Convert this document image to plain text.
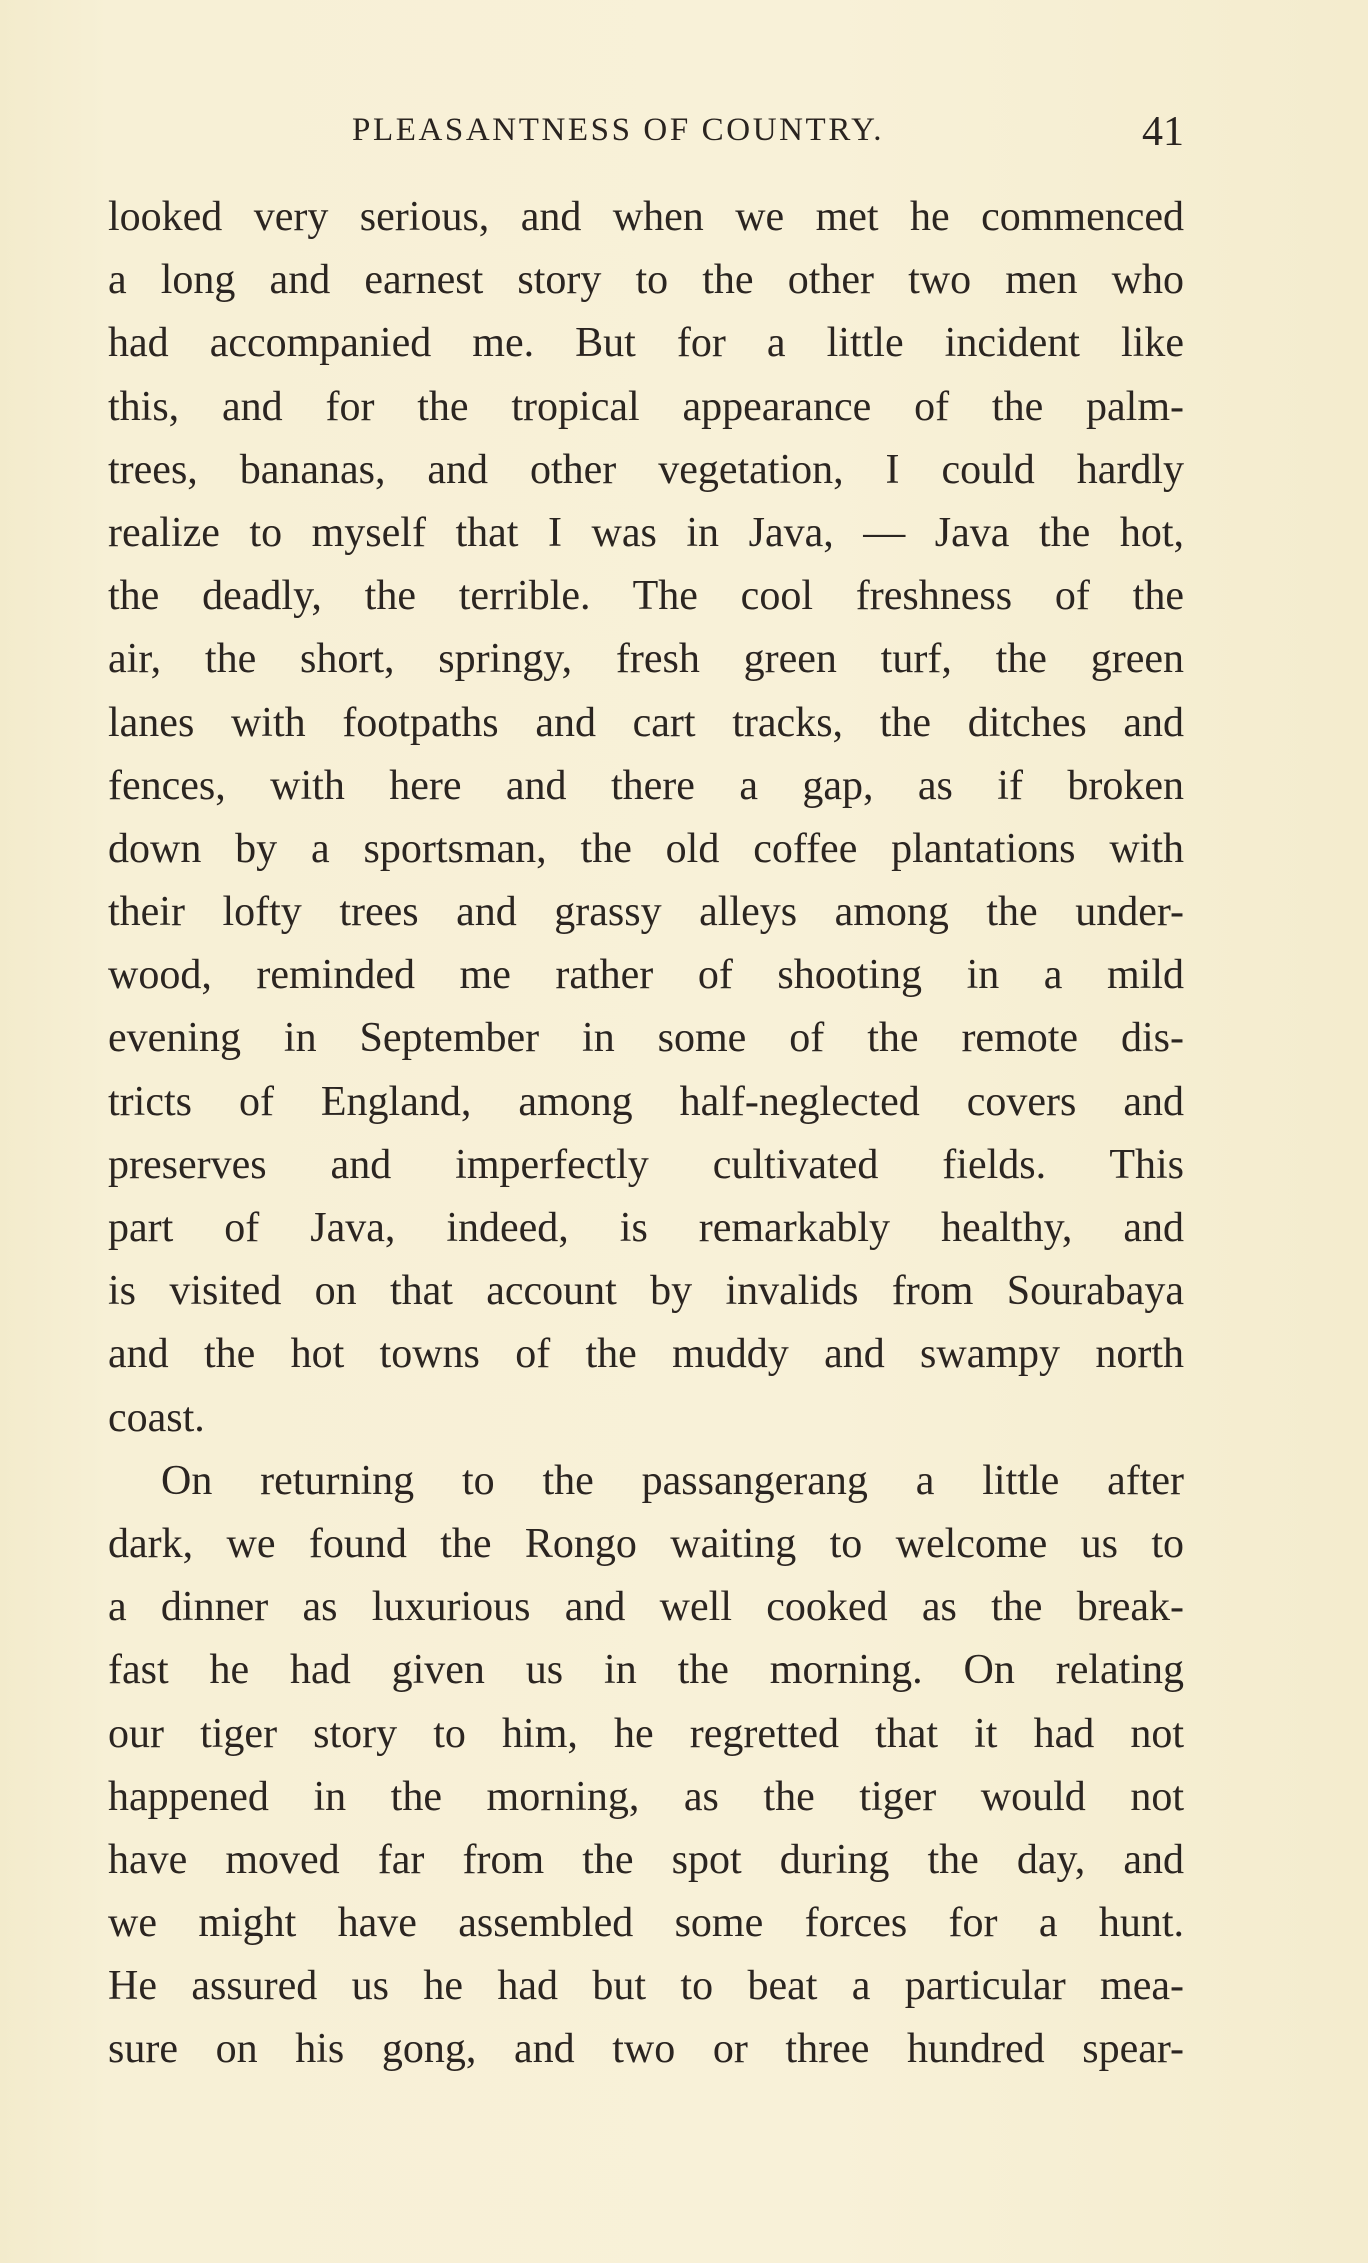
PLEASANTNESS OF COUNTRY.	41
looked very serious, and when we met he commenced
a long and earnest story to the other two men who
had accompanied me. But for a little incident like
this, and for the tropical appearance of the palm-
trees, bananas, and other vegetation, I could hardly
realize to myself that I was in Java, — Java the hot,
the deadly, the terrible. The cool freshness of the
air, the short, springy, fresh green turf, the green
lanes with footpaths and cart tracks, the ditches and
fences, with here and there a gap, as if broken
down by a sportsman, the old coffee plantations with
their lofty trees and grassy alleys among the under-
wood, reminded me rather of shooting in a mild
evening in September in some of the remote dis-
tricts of England, among half-neglected covers and
preserves and imperfectly cultivated fields. This
part of Java, indeed, is remarkably healthy, and
is visited on that account by invalids from Sourabaya
and the hot towns of the muddy and swampy north
coast.
On returning to the passangerang a little after
dark, we found the Rongo waiting to welcome us to
a dinner as luxurious and well cooked as the break-
fast he had given us in the morning. On relating
our tiger story to him, he regretted that it had not
happened in the morning, as the tiger would not
have moved far from the spot during the day, and
we might have assembled some forces for a hunt.
He assured us he had but to beat a particular mea-
sure on his gong, and two or three hundred spear-
